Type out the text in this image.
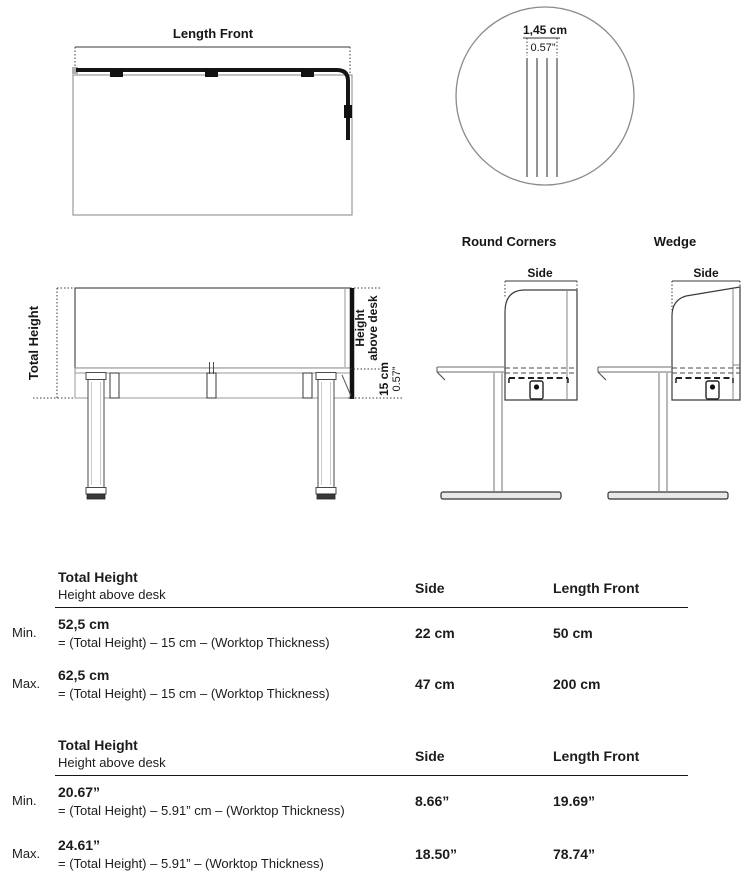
Length Front	1,45 cm
0.57”
Total Height	Height above desk
15 cm 0.57”
Round Corners
Side
Wedge
Side
Total Height
Height above desk	Side	Length Front
Min.
52,5 cm
= (Total Height) – 15 cm – (Worktop Thickness)
22 cm	50 cm
Max.
62,5 cm
= (Total Height) – 15 cm – (Worktop Thickness)
47 cm	200 cm
Total Height
Height above desk	Side	Length Front
Min.
20.67”
= (Total Height) – 5.91” cm – (Worktop Thickness)
8.66”	19.69”
Max.
24.61”
= (Total Height) – 5.91” – (Worktop Thickness)
18.50”	78.74”
